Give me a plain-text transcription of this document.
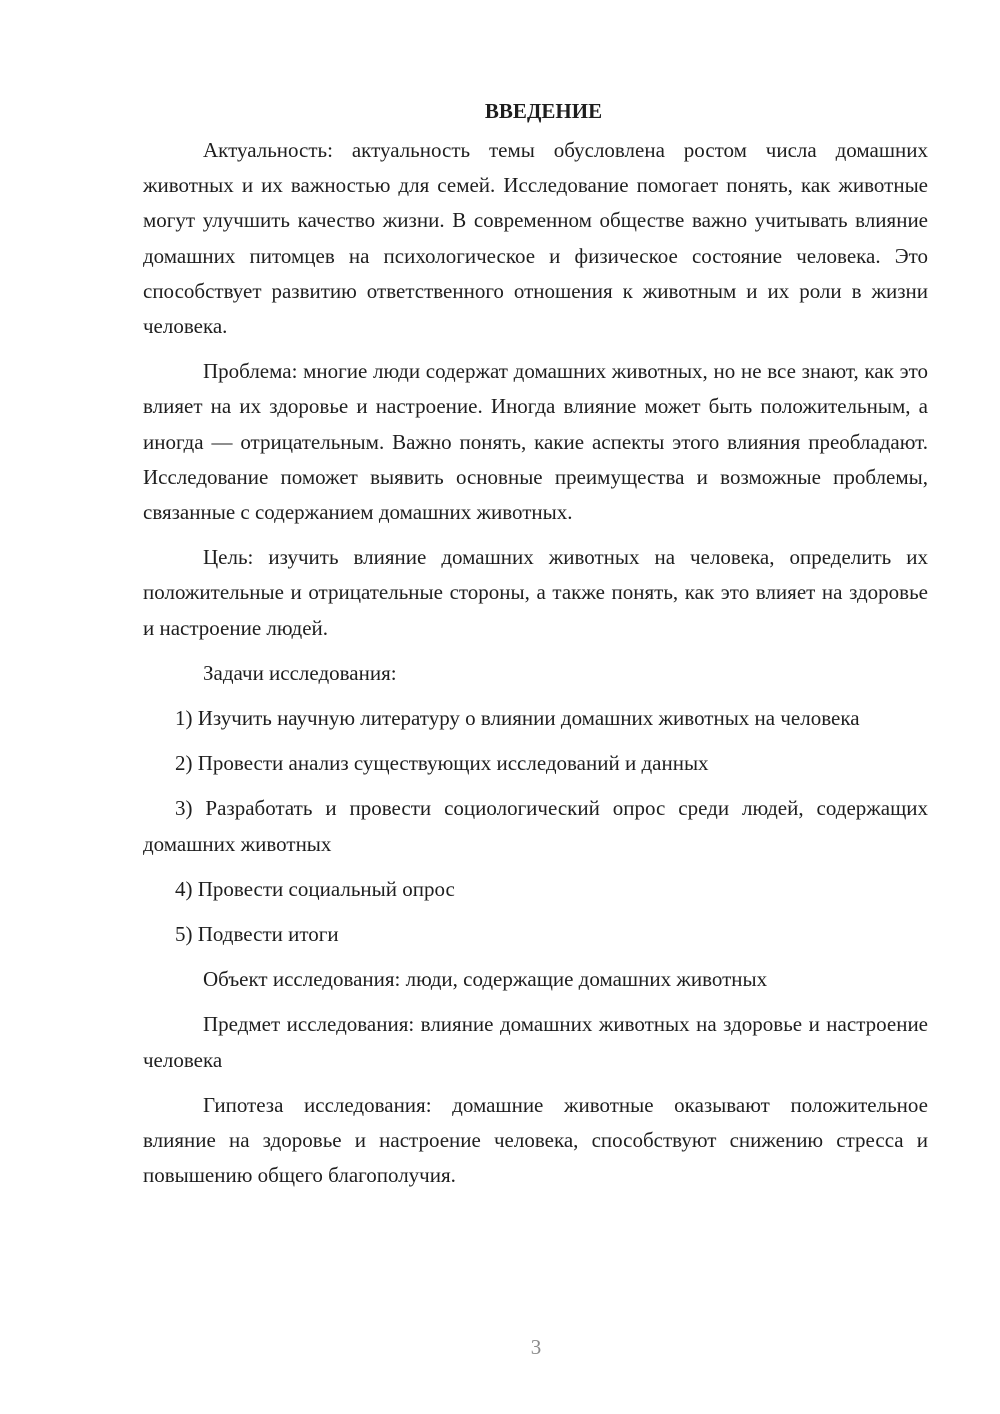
ВВЕДЕНИЕ

Актуальность: актуальность темы обусловлена ростом числа домашних животных и их важностью для семей. Исследование помогает понять, как животные могут улучшить качество жизни. В современном обществе важно учитывать влияние домашних питомцев на психологическое и физическое состояние человека. Это способствует развитию ответственного отношения к животным и их роли в жизни человека.

Проблема: многие люди содержат домашних животных, но не все знают, как это влияет на их здоровье и настроение. Иногда влияние может быть положительным, а иногда — отрицательным. Важно понять, какие аспекты этого влияния преобладают. Исследование поможет выявить основные преимущества и возможные проблемы, связанные с содержанием домашних животных.

Цель: изучить влияние домашних животных на человека, определить их положительные и отрицательные стороны, а также понять, как это влияет на здоровье и настроение людей.

Задачи исследования:

1) Изучить научную литературу о влиянии домашних животных на человека

2) Провести анализ существующих исследований и данных

3) Разработать и провести социологический опрос среди людей, содержащих домашних животных

4) Провести социальный опрос

5) Подвести итоги

Объект исследования: люди, содержащие домашних животных

Предмет исследования: влияние домашних животных на здоровье и настроение человека

Гипотеза исследования: домашние животные оказывают положительное влияние на здоровье и настроение человека, способствуют снижению стресса и повышению общего благополучия.

3
